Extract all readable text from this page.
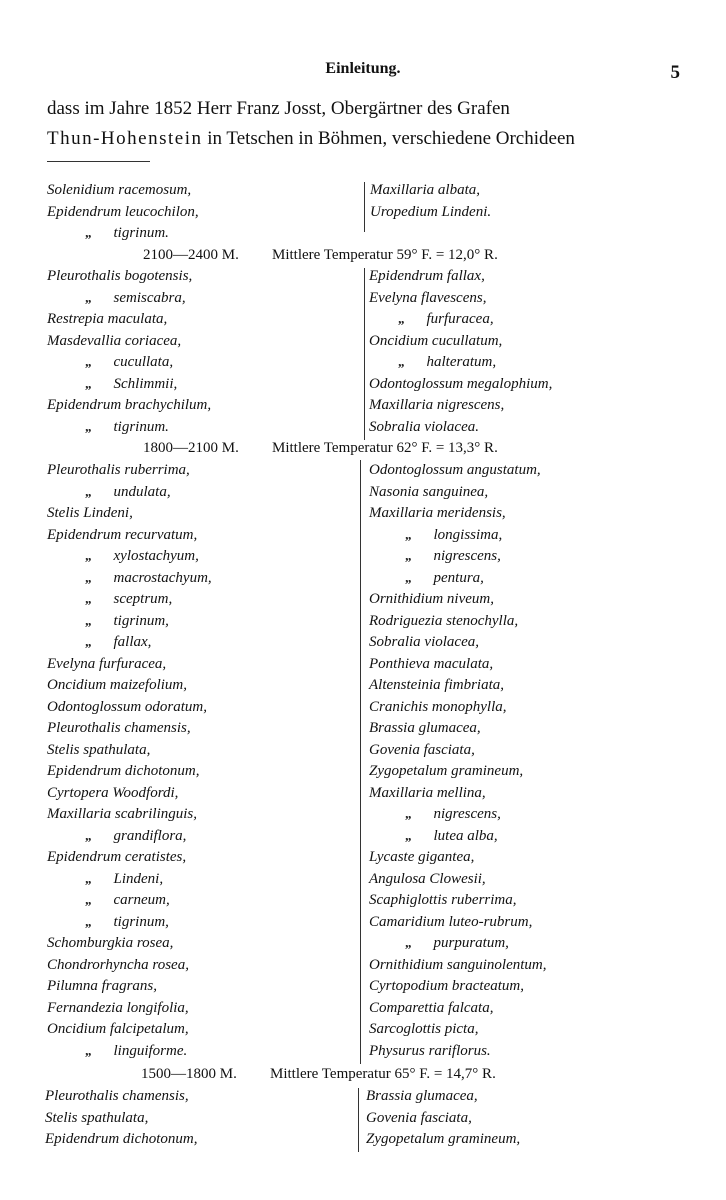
Einleitung.	5
dass im Jahre 1852 Herr Franz Josst, Obergärtner des Grafen
Thun-Hohenstein in Tetschen in Böhmen, verschiedene Orchideen
2100—2400 M. Mittlere Temperatur 59° F. = 12,0° R.
1800—2100 M. Mittlere Temperatur 62° F. = 13,3° R.
1500—1800 M. Mittlere Temperatur 65° F. = 14,7° R.
Solenidium racemosum,
Epidendrum leucochilon,
„ tigrinum.
Maxillaria albata,
Uropedium Lindeni.
Pleurothalis bogotensis,
„ semiscabra,
Restrepia maculata,
Masdevallia coriacea,
„ cucullata,
„ Schlimmii,
Epidendrum brachychilum,
„ tigrinum.
Epidendrum fallax,
Evelyna flavescens,
„ furfuracea,
Oncidium cucullatum,
„ halteratum,
Odontoglossum megalophium,
Maxillaria nigrescens,
Sobralia violacea.
Pleurothalis ruberrima,
„ undulata,
Stelis Lindeni,
Epidendrum recurvatum,
„ xylostachyum,
„ macrostachyum,
„ sceptrum,
„ tigrinum,
„ fallax,
Evelyna furfuracea,
Oncidium maizefolium,
Odontoglossum odoratum,
Pleurothalis chamensis,
Stelis spathulata,
Epidendrum dichotonum,
Cyrtopera Woodfordi,
Maxillaria scabrilinguis,
„ grandiflora,
Epidendrum ceratistes,
„ Lindeni,
„ carneum,
„ tigrinum,
Schomburgkia rosea,
Chondrorhyncha rosea,
Pilumna fragrans,
Fernandezia longifolia,
Oncidium falcipetalum,
„ linguiforme.
Odontoglossum angustatum,
Nasonia sanguinea,
Maxillaria meridensis,
„ longissima,
„ nigrescens,
„ pentura,
Ornithidium niveum,
Rodriguezia stenochylla,
Sobralia violacea,
Ponthieva maculata,
Altensteinia fimbriata,
Cranichis monophylla,
Brassia glumacea,
Govenia fasciata,
Zygopetalum gramineum,
Maxillaria mellina,
„ nigrescens,
„ lutea alba,
Lycaste gigantea,
Angulosa Clowesii,
Scaphiglottis ruberrima,
Camaridium luteo-rubrum,
„ purpuratum,
Ornithidium sanguinolentum,
Cyrtopodium bracteatum,
Comparettia falcata,
Sarcoglottis picta,
Physurus rariflorus.
Pleurothalis chamensis,
Stelis spathulata,
Epidendrum dichotonum,
Brassia glumacea,
Govenia fasciata,
Zygopetalum gramineum,
